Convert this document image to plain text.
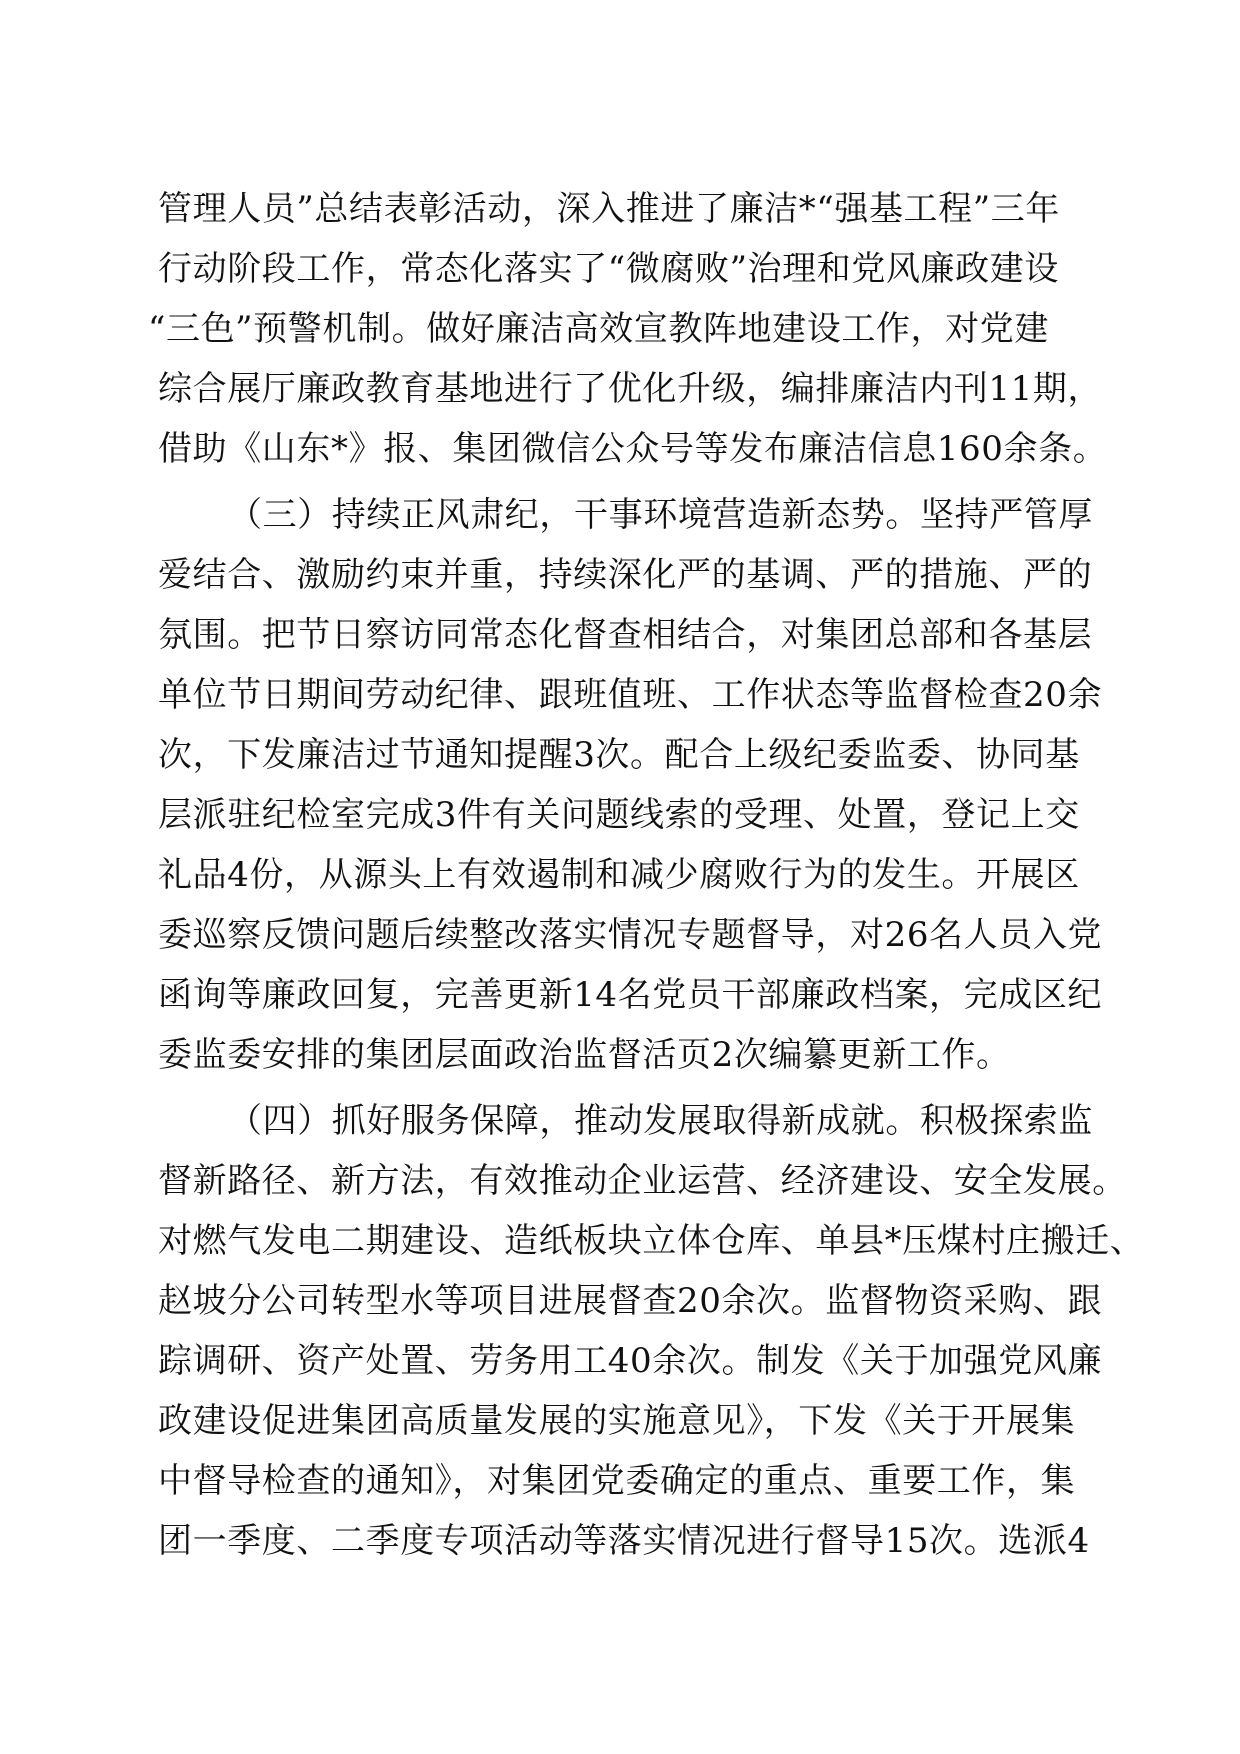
管理人员”总结表彰活动，深入推进了廉洁*“强基工程”三年
行动阶段工作，常态化落实了“微腐败”治理和党风廉政建设
“三色”预警机制。做好廉洁高效宣教阵地建设工作，对党建
综合展厅廉政教育基地进行了优化升级，编排廉洁内刊11期，
借助《山东*》报、集团微信公众号等发布廉洁信息160余条。
（三）持续正风肃纪，干事环境营造新态势。坚持严管厚
爱结合、激励约束并重，持续深化严的基调、严的措施、严的
氛围。把节日察访同常态化督查相结合，对集团总部和各基层
单位节日期间劳动纪律、跟班值班、工作状态等监督检查20余
次，下发廉洁过节通知提醒3次。配合上级纪委监委、协同基
层派驻纪检室完成3件有关问题线索的受理、处置，登记上交
礼品4份，从源头上有效遏制和减少腐败行为的发生。开展区
委巡察反馈问题后续整改落实情况专题督导，对26名人员入党
函询等廉政回复，完善更新14名党员干部廉政档案，完成区纪
委监委安排的集团层面政治监督活页2次编纂更新工作。
（四）抓好服务保障，推动发展取得新成就。积极探索监
督新路径、新方法，有效推动企业运营、经济建设、安全发展。
对燃气发电二期建设、造纸板块立体仓库、单县*压煤村庄搬迁、
赵坡分公司转型水等项目进展督查20余次。监督物资采购、跟
踪调研、资产处置、劳务用工40余次。制发《关于加强党风廉
政建设促进集团高质量发展的实施意见》，下发《关于开展集
中督导检查的通知》，对集团党委确定的重点、重要工作，集
团一季度、二季度专项活动等落实情况进行督导15次。选派4
